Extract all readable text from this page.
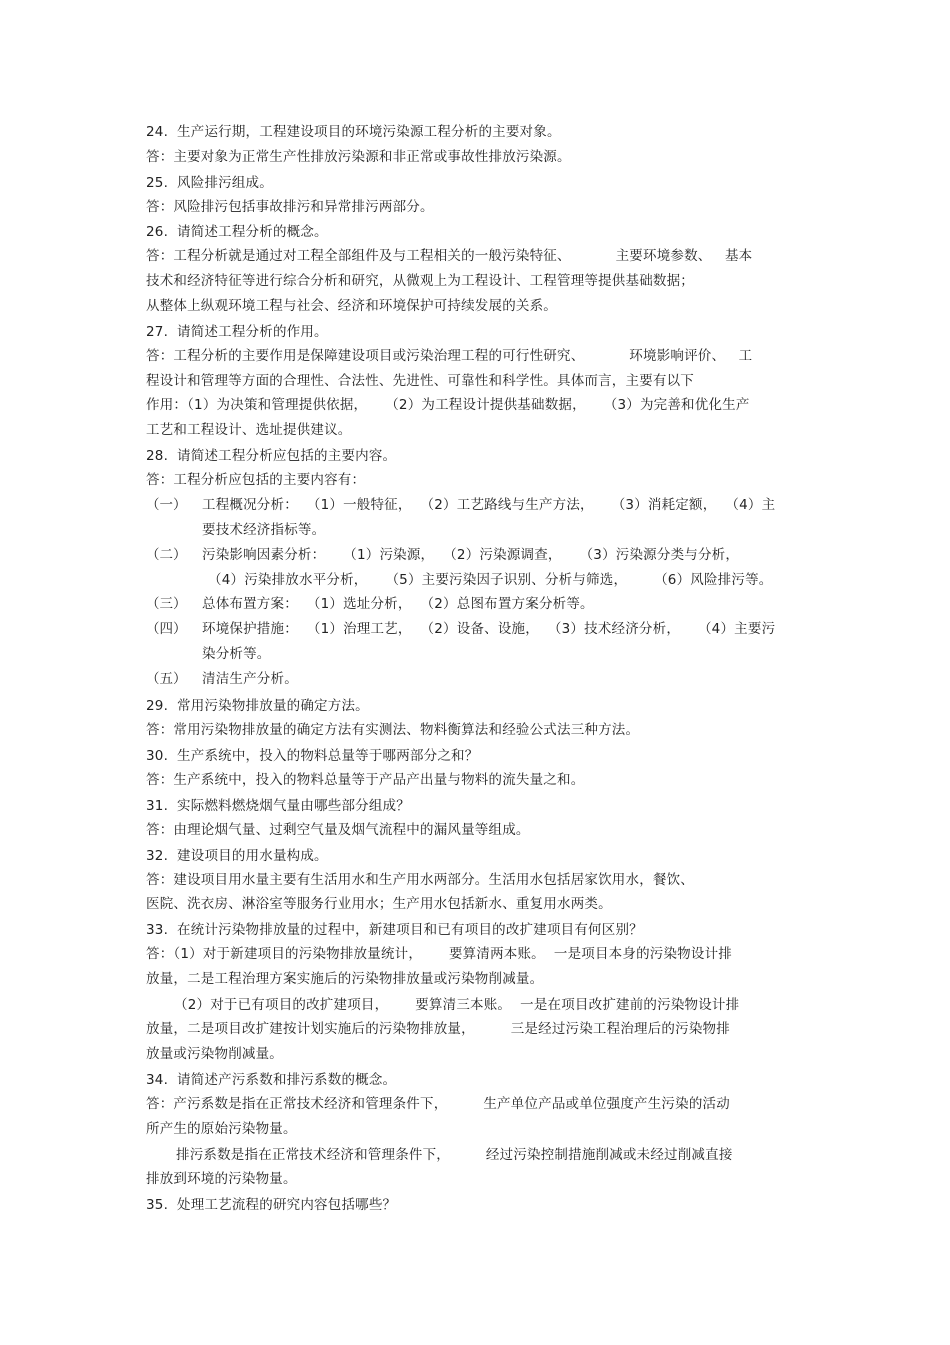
24.  生产运行期，工程建设项目的环境污染源工程分析的主要对象。
答：主要对象为正常生产性排放污染源和非正常或事故性排放污染源。
25.  风险排污组成。
答：风险排污包括事故排污和异常排污两部分。
26.  请简述工程分析的概念。
答：工程分析就是通过对工程全部组件及与工程相关的一般污染特征、          主要环境参数、   基本
技术和经济特征等进行综合分析和研究，从微观上为工程设计、工程管理等提供基础数据；
从整体上纵观环境工程与社会、经济和环境保护可持续发展的关系。
27.  请简述工程分析的作用。
答：工程分析的主要作用是保障建设项目或污染治理工程的可行性研究、          环境影响评价、   工
程设计和管理等方面的合理性、合法性、先进性、可靠性和科学性。具体而言，主要有以下
作用：（1）为决策和管理提供依据，    （2）为工程设计提供基础数据，    （3）为完善和优化生产
工艺和工程设计、选址提供建议。
28.  请简述工程分析应包括的主要内容。
答：工程分析应包括的主要内容有：
（一） 工程概况分析：  （1）一般特征，  （2）工艺路线与生产方法，    （3）消耗定额，  （4）主
要技术经济指标等。
（二） 污染影响因素分析：    （1）污染源，  （2）污染源调查，    （3）污染源分类与分析，
（4）污染排放水平分析，    （5）主要污染因子识别、分析与筛选，      （6）风险排污等。
（三） 总体布置方案：  （1）选址分析，  （2）总图布置方案分析等。
（四） 环境保护措施：  （1）治理工艺，  （2）设备、设施，  （3）技术经济分析，    （4）主要污
染分析等。
（五） 清洁生产分析。
29.  常用污染物排放量的确定方法。
答：常用污染物排放量的确定方法有实测法、物料衡算法和经验公式法三种方法。
30.  生产系统中，投入的物料总量等于哪两部分之和？
答：生产系统中，投入的物料总量等于产品产出量与物料的流失量之和。
31.  实际燃料燃烧烟气量由哪些部分组成？
答：由理论烟气量、过剩空气量及烟气流程中的漏风量等组成。
32.  建设项目的用水量构成。
答：建设项目用水量主要有生活用水和生产用水两部分。生活用水包括居家饮用水，餐饮、
医院、洗衣房、淋浴室等服务行业用水；生产用水包括新水、重复用水两类。
33.  在统计污染物排放量的过程中，新建项目和已有项目的改扩建项目有何区别？
答：（1）对于新建项目的污染物排放量统计，      要算清两本账。  一是项目本身的污染物设计排
放量，二是工程治理方案实施后的污染物排放量或污染物削减量。
（2）对于已有项目的改扩建项目，      要算清三本账。  一是在项目改扩建前的污染物设计排
放量，二是项目改扩建按计划实施后的污染物排放量，        三是经过污染工程治理后的污染物排
放量或污染物削减量。
34.  请简述产污系数和排污系数的概念。
答：产污系数是指在正常技术经济和管理条件下，        生产单位产品或单位强度产生污染的活动
所产生的原始污染物量。
排污系数是指在正常技术经济和管理条件下，        经过污染控制措施削减或未经过削减直接
排放到环境的污染物量。
35.  处理工艺流程的研究内容包括哪些？
